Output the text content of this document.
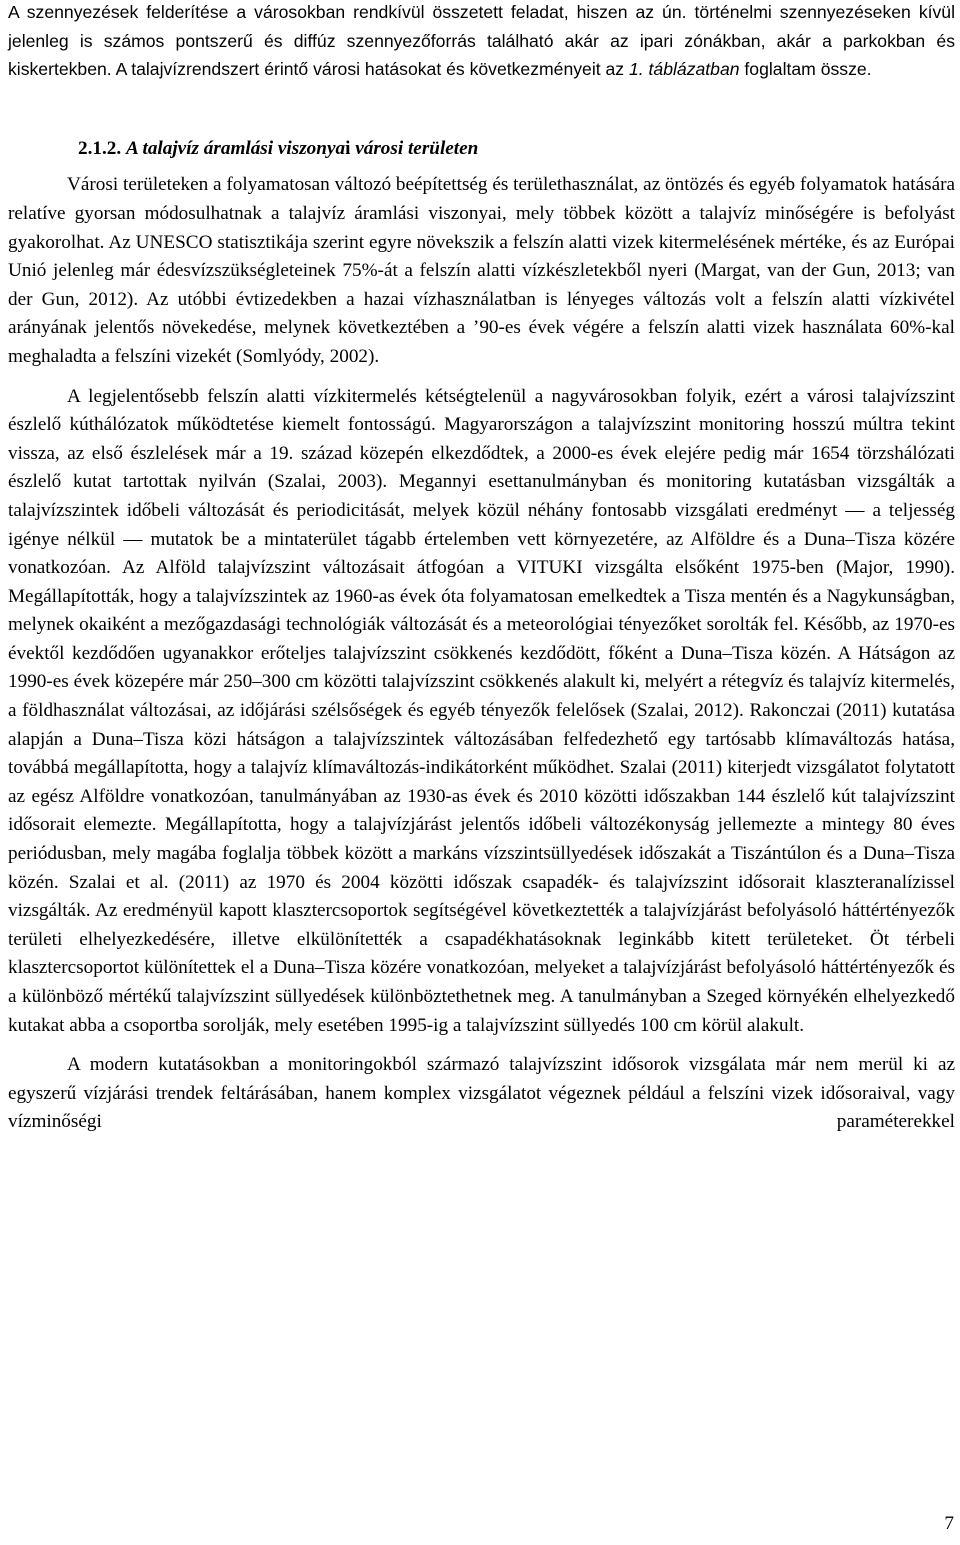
A szennyezések felderítése a városokban rendkívül összetett feladat, hiszen az ún. történelmi szennyezéseken kívül jelenleg is számos pontszerű és diffúz szennyezőforrás található akár az ipari zónákban, akár a parkokban és kiskertekben. A talajvízrendszert érintő városi hatásokat és következményeit az 1. táblázatban foglaltam össze.

2.1.2. A talajvíz áramlási viszonyai városi területen

Városi területeken a folyamatosan változó beépítettség és területhasználat, az öntözés és egyéb folyamatok hatására relatíve gyorsan módosulhatnak a talajvíz áramlási viszonyai, mely többek között a talajvíz minőségére is befolyást gyakorolhat. Az UNESCO statisztikája szerint egyre növekszik a felszín alatti vizek kitermelésének mértéke, és az Európai Unió jelenleg már édesvízszükségleteinek 75%-át a felszín alatti vízkészletekből nyeri (Margat, van der Gun, 2013; van der Gun, 2012). Az utóbbi évtizedekben a hazai vízhasználatban is lényeges változás volt a felszín alatti vízkivétel arányának jelentős növekedése, melynek következtében a ’90-es évek végére a felszín alatti vizek használata 60%-kal meghaladta a felszíni vizekét (Somlyódy, 2002).

A legjelentősebb felszín alatti vízkitermelés kétségtelenül a nagyvárosokban folyik, ezért a városi talajvízszint észlelő kúthálózatok működtetése kiemelt fontosságú. Magyarországon a talajvízszint monitoring hosszú múltra tekint vissza, az első észlelések már a 19. század közepén elkezdődtek, a 2000-es évek elejére pedig már 1654 törzshálózati észlelő kutat tartottak nyilván (Szalai, 2003). Megannyi esettanulmányban és monitoring kutatásban vizsgálták a talajvízszintek időbeli változását és periodicitását, melyek közül néhány fontosabb vizsgálati eredményt — a teljesség igénye nélkül — mutatok be a mintaterület tágabb értelemben vett környezetére, az Alföldre és a Duna–Tisza közére vonatkozóan. Az Alföld talajvízszint változásait átfogóan a VITUKI vizsgálta elsőként 1975-ben (Major, 1990). Megállapították, hogy a talajvízszintek az 1960-as évek óta folyamatosan emelkedtek a Tisza mentén és a Nagykunságban, melynek okaiként a mezőgazdasági technológiák változását és a meteorológiai tényezőket sorolták fel. Később, az 1970-es évektől kezdődően ugyanakkor erőteljes talajvízszint csökkenés kezdődött, főként a Duna–Tisza közén. A Hátságon az 1990-es évek közepére már 250–300 cm közötti talajvízszint csökkenés alakult ki, melyért a rétegvíz és talajvíz kitermelés, a földhasználat változásai, az időjárási szélsőségek és egyéb tényezők felelősek (Szalai, 2012). Rakonczai (2011) kutatása alapján a Duna–Tisza közi hátságon a talajvízszintek változásában felfedezhető egy tartósabb klímaváltozás hatása, továbbá megállapította, hogy a talajvíz klímaváltozás-indikátorként működhet. Szalai (2011) kiterjedt vizsgálatot folytatott az egész Alföldre vonatkozóan, tanulmányában az 1930-as évek és 2010 közötti időszakban 144 észlelő kút talajvízszint idősorait elemezte. Megállapította, hogy a talajvízjárást jelentős időbeli változékonyság jellemezte a mintegy 80 éves periódusban, mely magába foglalja többek között a markáns vízszintsüllyedések időszakát a Tiszántúlon és a Duna–Tisza közén. Szalai et al. (2011) az 1970 és 2004 közötti időszak csapadék- és talajvízszint idősorait klaszteranalízissel vizsgálták. Az eredményül kapott klasztercsoportok segítségével következtették a talajvízjárást befolyásoló háttértényezők területi elhelyezkedésére, illetve elkülönítették a csapadékhatásoknak leginkább kitett területeket. Öt térbeli klasztercsoportot különítettek el a Duna–Tisza közére vonatkozóan, melyeket a talajvízjárást befolyásoló háttértényezők és a különböző mértékű talajvízszint süllyedések különböztethetnek meg. A tanulmányban a Szeged környékén elhelyezkedő kutakat abba a csoportba sorolják, mely esetében 1995-ig a talajvízszint süllyedés 100 cm körül alakult.

A modern kutatásokban a monitoringokból származó talajvízszint idősorok vizsgálata már nem merül ki az egyszerű vízjárási trendek feltárásában, hanem komplex vizsgálatot végeznek például a felszíni vizek idősoraival, vagy vízminőségi paraméterekkel

7
